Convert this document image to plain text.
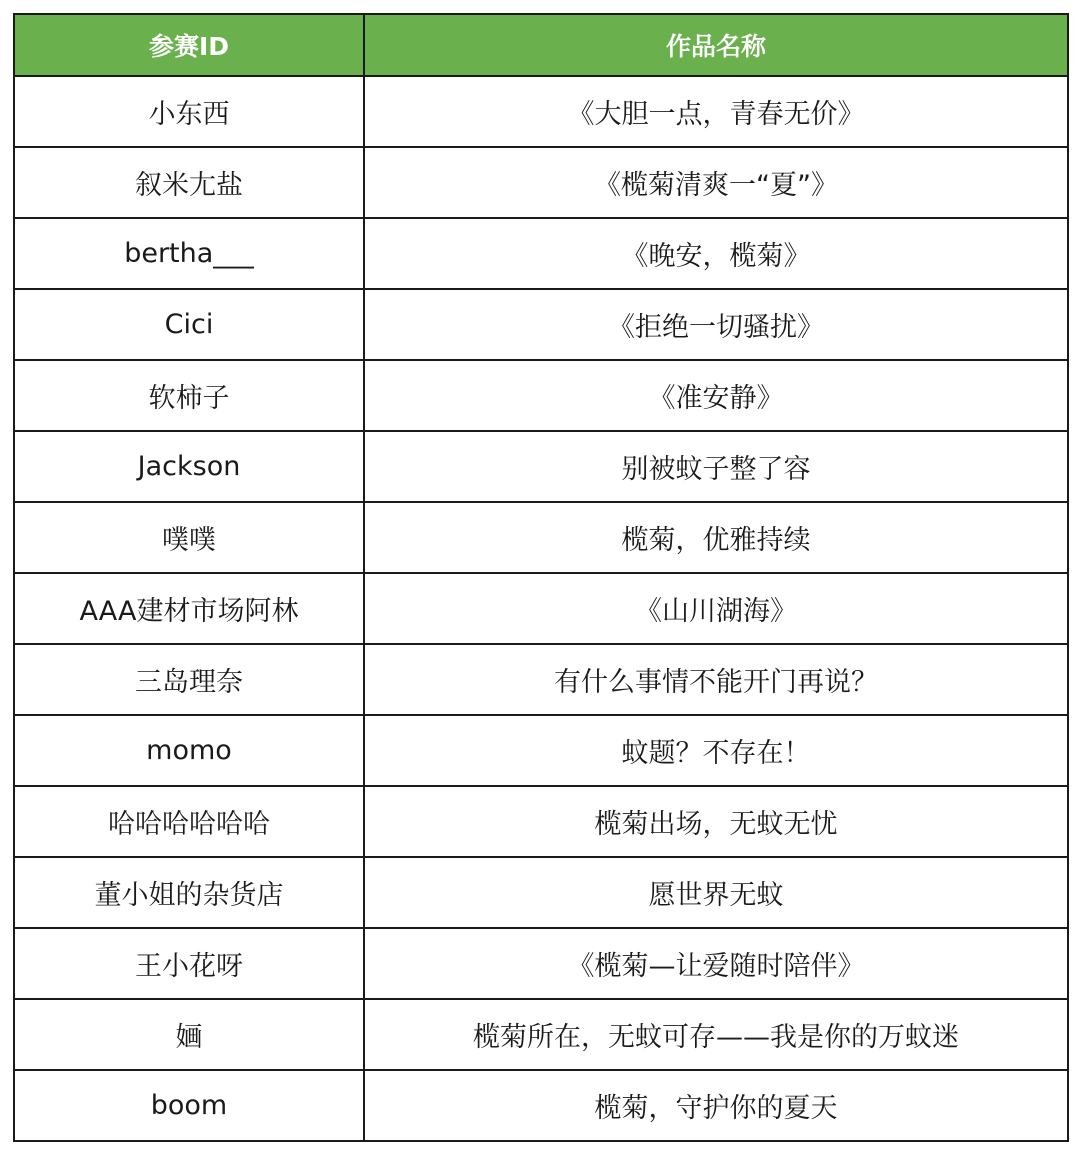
参赛ID	作品名称
小东西	《大胆一点，青春无价》
叙米尢盐	《榄菊清爽一“夏”》
bertha___	《晚安，榄菊》
Cici	《拒绝一切骚扰》
软柿子	《准安静》
Jackson	别被蚊子整了容
噗噗	榄菊，优雅持续
AAA建材市场阿林	《山川湖海》
三岛理奈	有什么事情不能开门再说？
momo	蚊题？不存在！
哈哈哈哈哈哈	榄菊出场，无蚊无忧
董小姐的杂货店	愿世界无蚊
王小花呀	《榄菊—让爱随时陪伴》
婳	榄菊所在，无蚊可存——我是你的万蚊迷
boom	榄菊，守护你的夏天
